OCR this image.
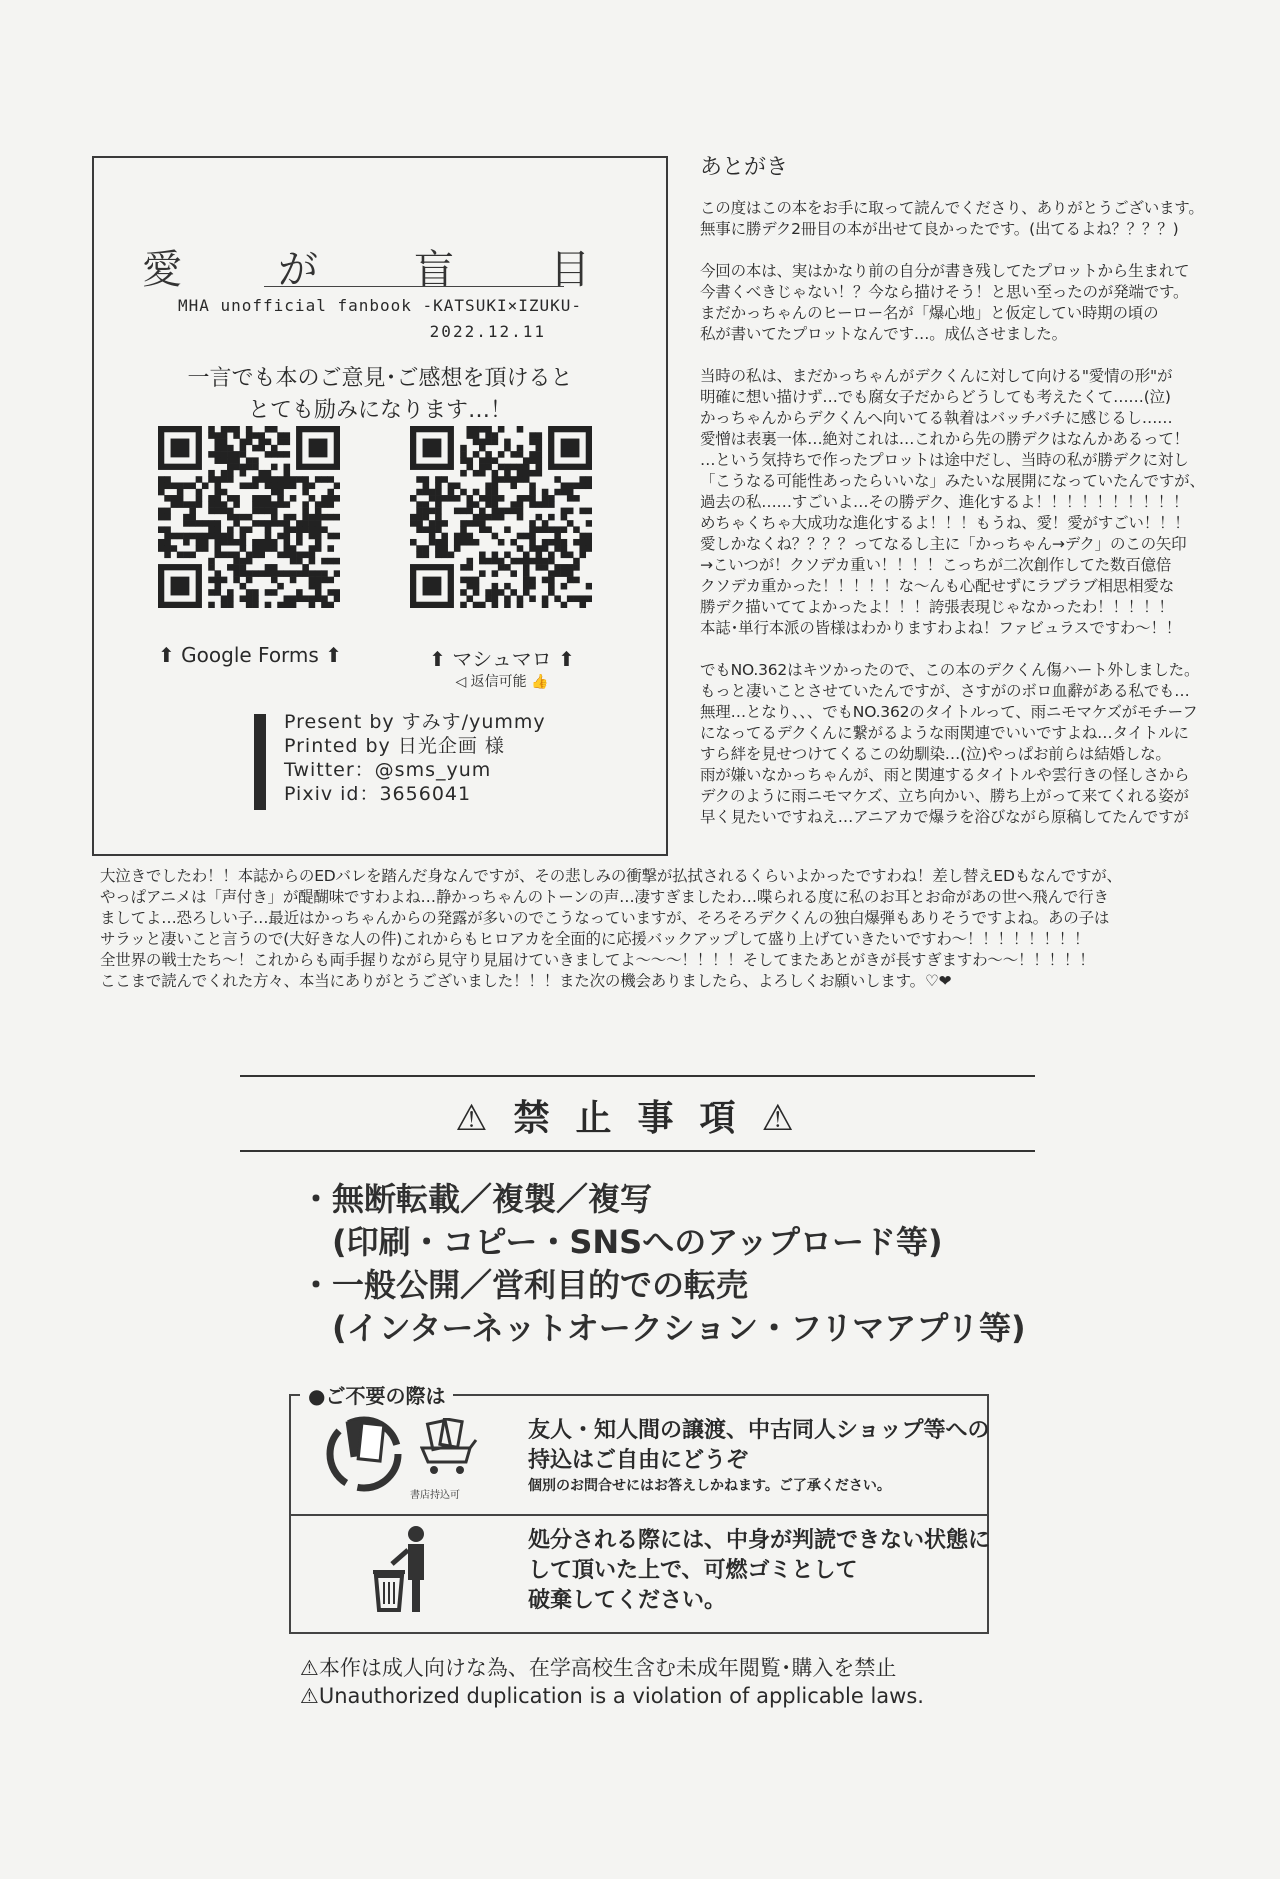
愛　が　盲　目
MHA unofficial fanbook -KATSUKI×IZUKU-
2022.12.11
一言でも本のご意見･ご感想を頂けると
とても励みになります…！
⬆ Google Forms ⬆	⬆ マシュマロ ⬆
◁ 返信可能 👍
Present by すみす/yummy
Printed by 日光企画 様
Twitter：@sms_yum
Pixiv id：3656041
あとがき

この度はこの本をお手に取って読んでくださり、ありがとうございます。
無事に勝デク2冊目の本が出せて良かったです。(出てるよね？？？？)

今回の本は、実はかなり前の自分が書き残してたプロットから生まれて
今書くべきじゃない！？今なら描けそう！と思い至ったのが発端です。
まだかっちゃんのヒーロー名が「爆心地」と仮定してい時期の頃の
私が書いてたプロットなんです…。成仏させました。

当時の私は、まだかっちゃんがデクくんに対して向ける"愛情の形"が
明確に想い描けず…でも腐女子だからどうしても考えたくて……(泣)
かっちゃんからデクくんへ向いてる執着はバッチバチに感じるし……
愛憎は表裏一体…絶対これは…これから先の勝デクはなんかあるって！
…という気持ちで作ったプロットは途中だし、当時の私が勝デクに対し
「こうなる可能性あったらいいな」みたいな展開になっていたんですが、
過去の私……すごいよ…その勝デク、進化するよ！！！！！！！！！！
めちゃくちゃ大成功な進化するよ！！！もうね、愛！愛がすごい！！！
愛しかなくね？？？？ってなるし主に「かっちゃん→デク」のこの矢印
→こいつが！クソデカ重い！！！！こっちが二次創作してた数百億倍
クソデカ重かった！！！！！な〜んも心配せずにラブラブ相思相愛な
勝デク描いててよかったよ！！！誇張表現じゃなかったわ！！！！！
本誌･単行本派の皆様はわかりますわよね！ファビュラスですわ〜！！

でもNO.362はキツかったので、この本のデクくん傷ハート外しました。
もっと凄いことさせていたんですが、さすがのボロ血辭がある私でも…
無理…となり、、、でもNO.362のタイトルって、雨ニモマケズがモチーフ
になってるデクくんに繋がるような雨関連でいいですよね…タイトルに
すら絆を見せつけてくるこの幼馴染…(泣)やっぱお前らは結婚しな。
雨が嫌いなかっちゃんが、雨と関連するタイトルや雲行きの怪しさから
デクのように雨ニモマケズ、立ち向かい、勝ち上がって来てくれる姿が
早く見たいですねえ…アニアカで爆ラを浴びながら原稿してたんですが

大泣きでしたわ！！本誌からのEDバレを踏んだ身なんですが、その悲しみの衝撃が払拭されるくらいよかったですわね！差し替えEDもなんですが、
やっぱアニメは「声付き」が醍醐味ですわよね…静かっちゃんのトーンの声…凄すぎましたわ…喋られる度に私のお耳とお命があの世へ飛んで行き
ましてよ…恐ろしい子…最近はかっちゃんからの発露が多いのでこうなっていますが、そろそろデクくんの独白爆弾もありそうですよね。あの子は
サラッと凄いこと言うので(大好きな人の件)これからもヒロアカを全面的に応援バックアップして盛り上げていきたいですわ〜！！！！！！！！
全世界の戦士たち〜！これからも両手握りながら見守り見届けていきましてよ〜〜〜！！！！そしてまたあとがきが長すぎますわ〜〜！！！！！
ここまで読んでくれた方々、本当にありがとうございました！！！また次の機会ありましたら、よろしくお願いします。♡❤
⚠禁止事項⚠
・無断転載／複製／複写
　(印刷・コピー・SNSへのアップロード等)
・一般公開／営利目的での転売
　(インターネットオークション・フリマアプリ等)
●ご不要の際は
書店持込可
友人・知人間の譲渡、中古同人ショップ等への
持込はご自由にどうぞ
個別のお問合せにはお答えしかねます。ご了承ください。
処分される際には、中身が判読できない状態に
して頂いた上で、可燃ゴミとして
破棄してください。
⚠本作は成人向けな為、在学高校生含む未成年閲覧･購入を禁止
⚠Unauthorized duplication is a violation of applicable laws.
